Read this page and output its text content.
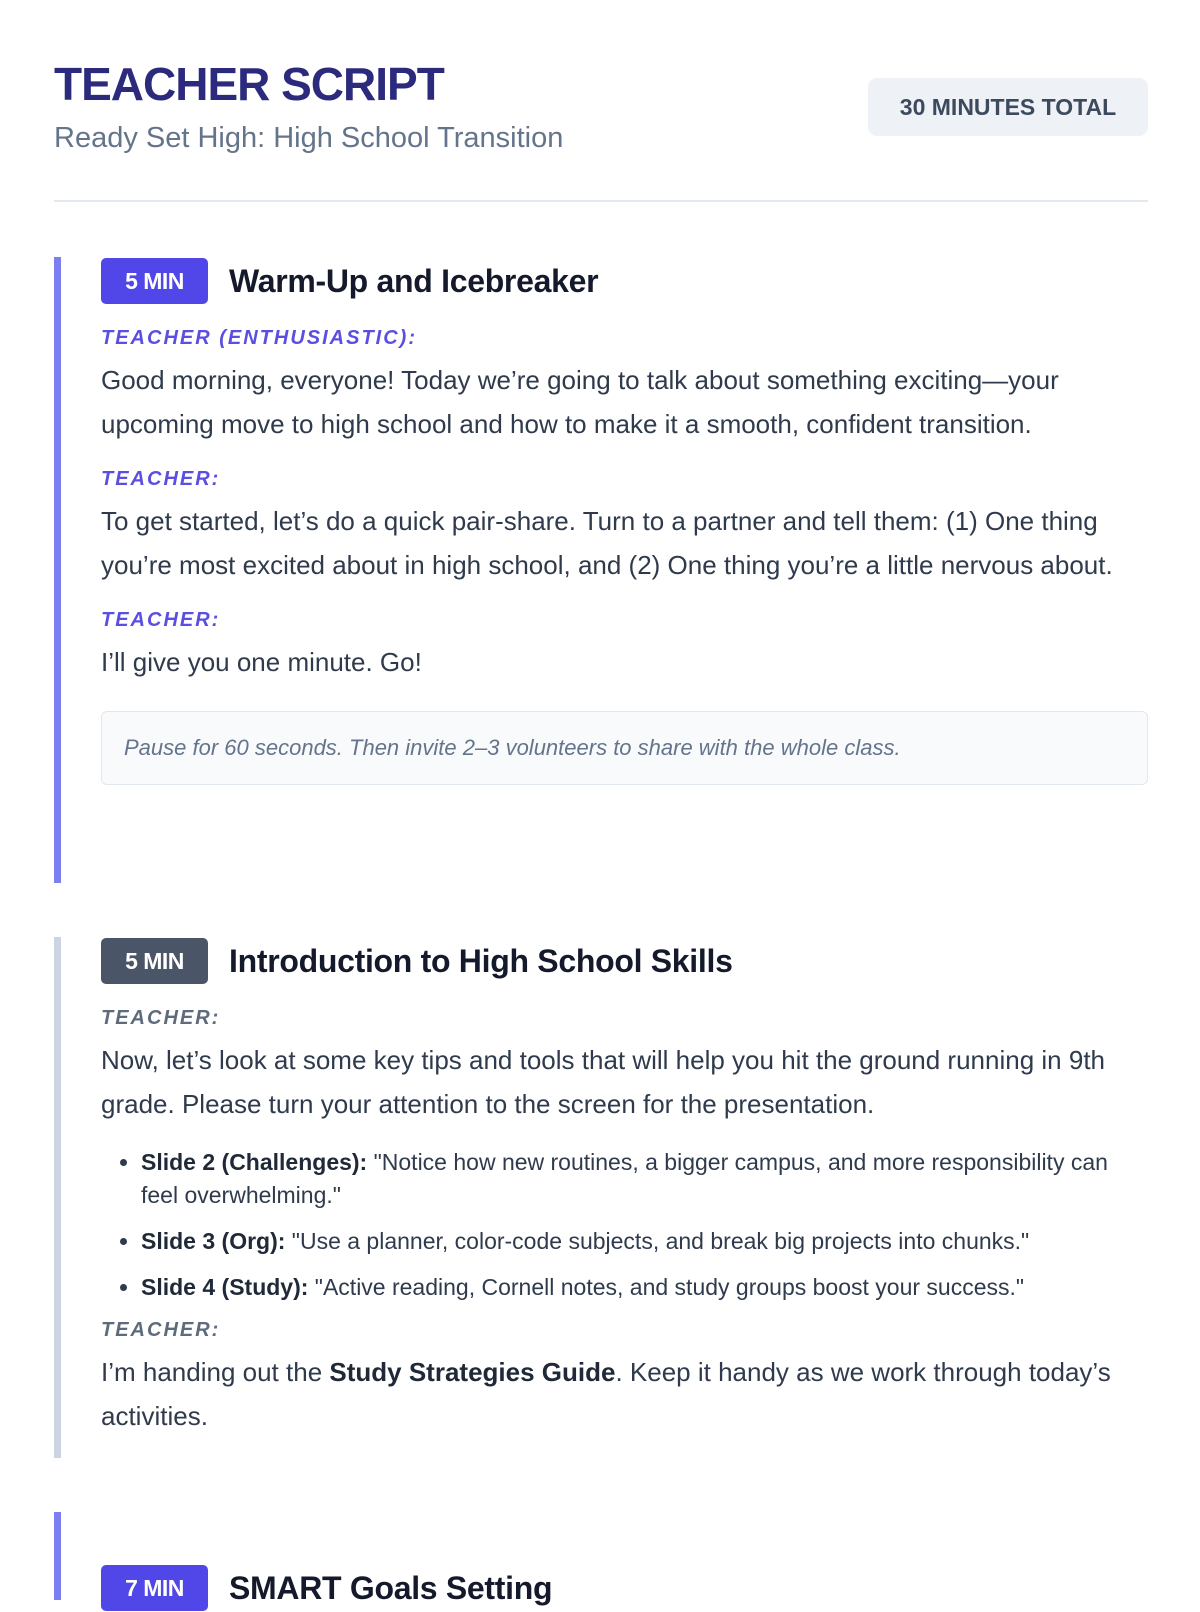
TEACHER SCRIPT
Ready Set High: High School Transition
30 MINUTES TOTAL
5 MIN	Warm-Up and Icebreaker
TEACHER (ENTHUSIASTIC):
Good morning, everyone! Today we’re going to talk about something exciting—your upcoming move to high school and how to make it a smooth, confident transition.
TEACHER:
To get started, let’s do a quick pair-share. Turn to a partner and tell them: (1) One thing you’re most excited about in high school, and (2) One thing you’re a little nervous about.
TEACHER:
I’ll give you one minute. Go!
Pause for 60 seconds. Then invite 2–3 volunteers to share with the whole class.
5 MIN	Introduction to High School Skills
TEACHER:
Now, let’s look at some key tips and tools that will help you hit the ground running in 9th grade. Please turn your attention to the screen for the presentation.
• Slide 2 (Challenges): "Notice how new routines, a bigger campus, and more responsibility can feel overwhelming."
• Slide 3 (Org): "Use a planner, color-code subjects, and break big projects into chunks."
• Slide 4 (Study): "Active reading, Cornell notes, and study groups boost your success."
TEACHER:
I’m handing out the Study Strategies Guide. Keep it handy as we work through today’s activities.
7 MIN	SMART Goals Setting
